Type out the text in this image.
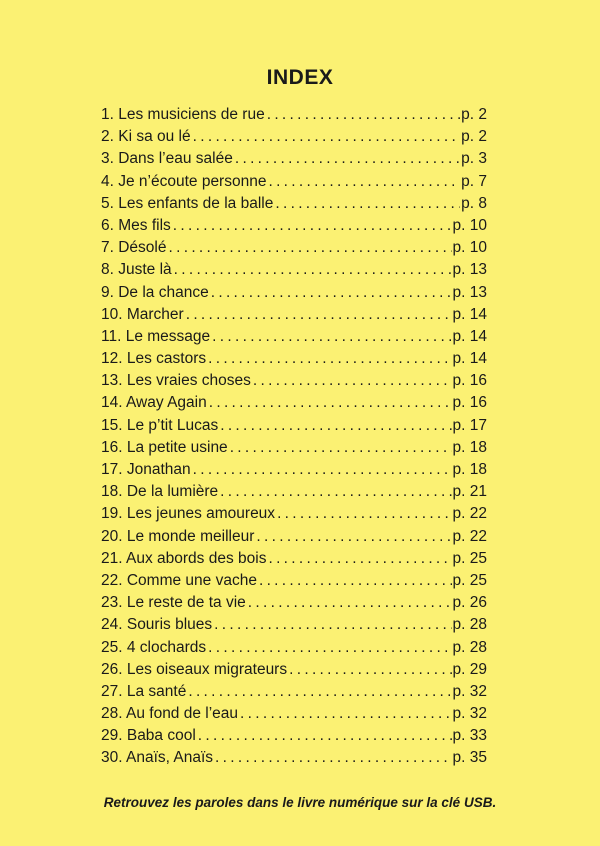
INDEX
1. Les musiciens de rue . . .	p. 2
2. Ki sa ou lé . . .	p. 2
3. Dans l’eau salée . . .	p. 3
4. Je n’écoute personne . . .	p. 7
5. Les enfants de la balle . . .	p. 8
6. Mes fils . . .	p. 10
7. Désolé . . .	p. 10
8. Juste là . . .	p. 13
9. De la chance . . .	p. 13
10. Marcher . . .	p. 14
11. Le message . . .	p. 14
12. Les castors . . .	p. 14
13. Les vraies choses . . .	p. 16
14. Away Again . . .	p. 16
15. Le p’tit Lucas . . .	p. 17
16. La petite usine . . .	p. 18
17. Jonathan . . .	p. 18
18. De la lumière . . .	p. 21
19. Les jeunes amoureux . . .	p. 22
20. Le monde meilleur . . .	p. 22
21. Aux abords des bois . . .	p. 25
22. Comme une vache . . .	p. 25
23. Le reste de ta vie . . .	p. 26
24. Souris blues . . .	p. 28
25. 4 clochards . . .	p. 28
26. Les oiseaux migrateurs . . .	p. 29
27. La santé . . .	p. 32
28. Au fond de l’eau . . .	p. 32
29. Baba cool . . .	p. 33
30. Anaïs, Anaïs . . .	p. 35
Retrouvez les paroles dans le livre numérique sur la clé USB.
